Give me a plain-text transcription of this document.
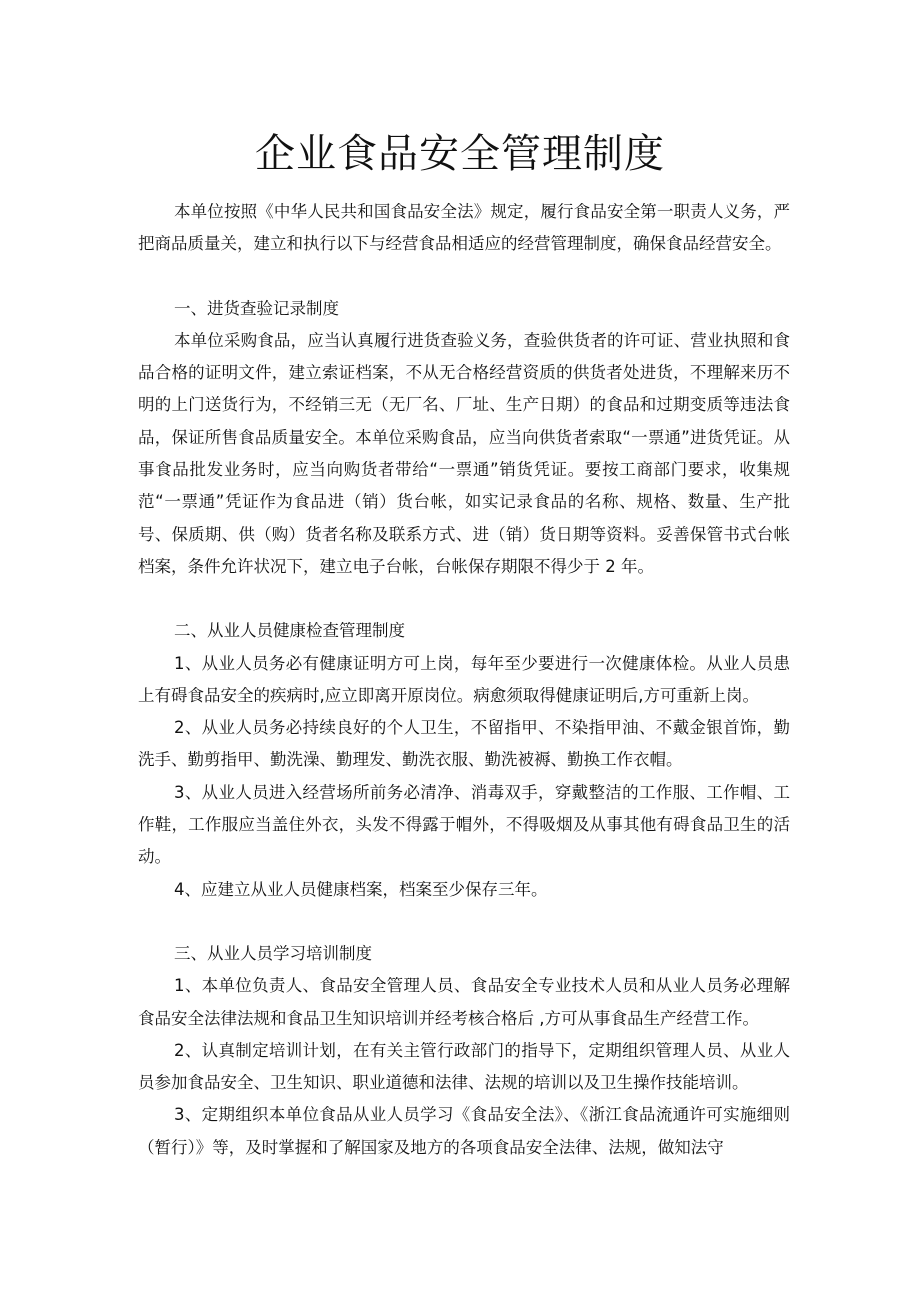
企业食品安全管理制度

本单位按照《中华人民共和国食品安全法》规定，履行食品安全第一职责人义务，严把商品质量关，建立和执行以下与经营食品相适应的经营管理制度，确保食品经营安全。

一、进货查验记录制度

本单位采购食品，应当认真履行进货查验义务，查验供货者的许可证、营业执照和食品合格的证明文件，建立索证档案，不从无合格经营资质的供货者处进货，不理解来历不明的上门送货行为，不经销三无（无厂名、厂址、生产日期）的食品和过期变质等违法食品，保证所售食品质量安全。本单位采购食品，应当向供货者索取“一票通”进货凭证。从事食品批发业务时，应当向购货者带给“一票通”销货凭证。要按工商部门要求，收集规范“一票通”凭证作为食品进（销）货台帐，如实记录食品的名称、规格、数量、生产批号、保质期、供（购）货者名称及联系方式、进（销）货日期等资料。妥善保管书式台帐档案，条件允许状况下，建立电子台帐，台帐保存期限不得少于 2 年。

二、从业人员健康检查管理制度

1、从业人员务必有健康证明方可上岗，每年至少要进行一次健康体检。从业人员患上有碍食品安全的疾病时,应立即离开原岗位。病愈须取得健康证明后,方可重新上岗。

2、从业人员务必持续良好的个人卫生，不留指甲、不染指甲油、不戴金银首饰，勤洗手、勤剪指甲、勤洗澡、勤理发、勤洗衣服、勤洗被褥、勤换工作衣帽。

3、从业人员进入经营场所前务必清净、消毒双手，穿戴整洁的工作服、工作帽、工作鞋，工作服应当盖住外衣，头发不得露于帽外，不得吸烟及从事其他有碍食品卫生的活动。

4、应建立从业人员健康档案，档案至少保存三年。

三、从业人员学习培训制度

1、本单位负责人、食品安全管理人员、食品安全专业技术人员和从业人员务必理解食品安全法律法规和食品卫生知识培训并经考核合格后 ,方可从事食品生产经营工作。

2、认真制定培训计划，在有关主管行政部门的指导下，定期组织管理人员、从业人员参加食品安全、卫生知识、职业道德和法律、法规的培训以及卫生操作技能培训。

3、定期组织本单位食品从业人员学习《食品安全法》、《浙江食品流通许可实施细则（暂行）》等，及时掌握和了解国家及地方的各项食品安全法律、法规，做知法守
